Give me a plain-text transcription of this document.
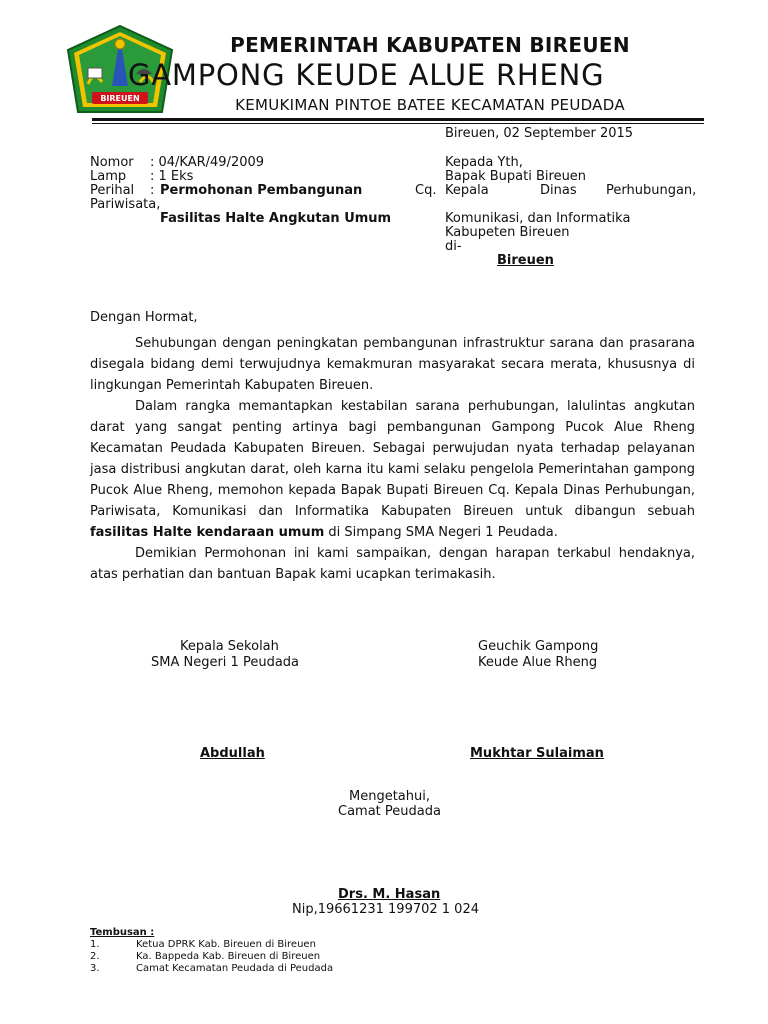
BIREUEN
PEMERINTAH KABUPATEN BIREUEN
GAMPONG KEUDE ALUE RHENG
KEMUKIMAN PINTOE BATEE KECAMATAN PEUDADA
Bireuen, 02 September 2015
Nomor : 04/KAR/49/2009
Lamp : 1 Eks
Perihal : Permohonan Pembangunan
Pariwisata,
Fasilitas Halte Angkutan Umum
Kepada Yth,
Bapak Bupati Bireuen
Cq. Kepala	Dinas Perhubungan,
Komunikasi, dan Informatika
Kabupeten Bireuen
di-
Bireuen
Dengan Hormat,

Sehubungan dengan peningkatan pembangunan infrastruktur sarana dan prasarana disegala bidang demi terwujudnya kemakmuran masyarakat secara merata, khususnya di lingkungan Pemerintah Kabupaten Bireuen.

Dalam rangka memantapkan kestabilan sarana perhubungan, lalulintas angkutan darat yang sangat penting artinya bagi pembangunan Gampong Pucok Alue Rheng Kecamatan Peudada Kabupaten Bireuen. Sebagai perwujudan nyata terhadap pelayanan jasa distribusi angkutan darat, oleh karna itu kami selaku pengelola Pemerintahan gampong Pucok Alue Rheng, memohon kepada Bapak Bupati Bireuen Cq. Kepala Dinas Perhubungan, Pariwisata, Komunikasi dan Informatika Kabupaten Bireuen untuk dibangun sebuah fasilitas Halte kendaraan umum di Simpang SMA Negeri 1 Peudada.

Demikian Permohonan ini kami sampaikan, dengan harapan terkabul hendaknya, atas perhatian dan bantuan Bapak kami ucapkan terimakasih.

Kepala Sekolah
SMA Negeri 1 Peudada
Abdullah
Geuchik Gampong
Keude Alue Rheng
Mukhtar Sulaiman
Mengetahui,
Camat Peudada
Drs. M. Hasan
Nip,19661231 199702 1 024
Tembusan :
1.	Ketua DPRK Kab. Bireuen di Bireuen
2.	Ka. Bappeda Kab. Bireuen di Bireuen
3.	Camat Kecamatan Peudada di Peudada
